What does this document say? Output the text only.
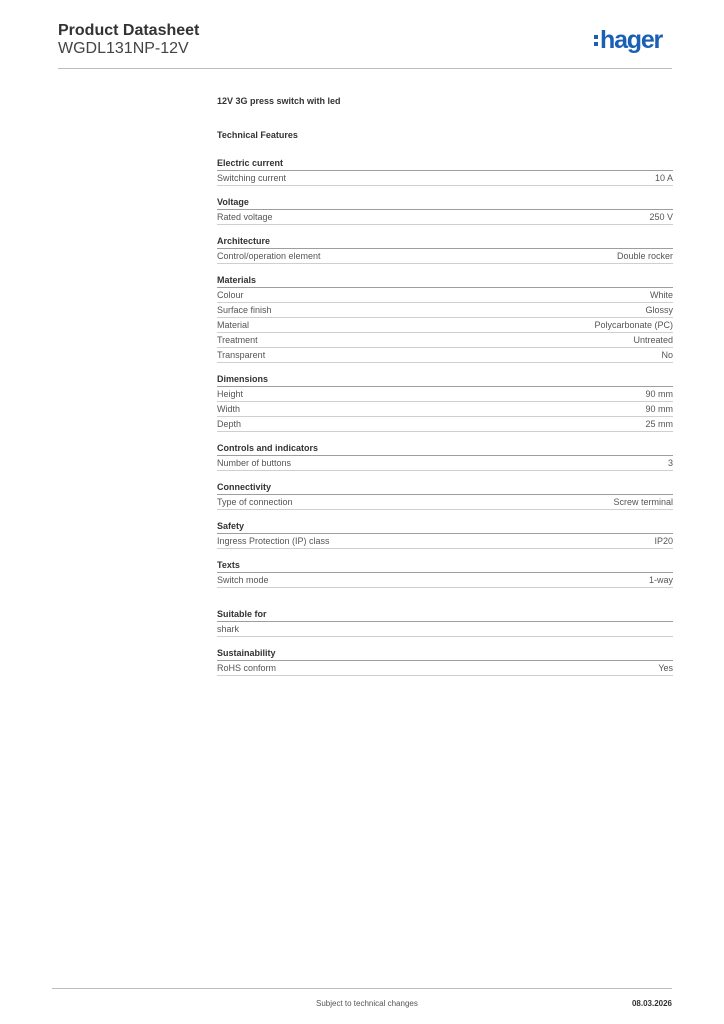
Product Datasheet
WGDL131NP-12V	hager
12V 3G press switch with led
Technical Features
Electric current
Switching current	10 A
Voltage
Rated voltage	250 V
Architecture
Control/operation element	Double rocker
Materials
Colour	White
Surface finish	Glossy
Material	Polycarbonate (PC)
Treatment	Untreated
Transparent	No
Dimensions
Height	90 mm
Width	90 mm
Depth	25 mm
Controls and indicators
Number of buttons	3
Connectivity
Type of connection	Screw terminal
Safety
Ingress Protection (IP) class	IP20
Texts
Switch mode	1-way
Suitable for
shark
Sustainability
RoHS conform	Yes
Subject to technical changes	08.03.2026
